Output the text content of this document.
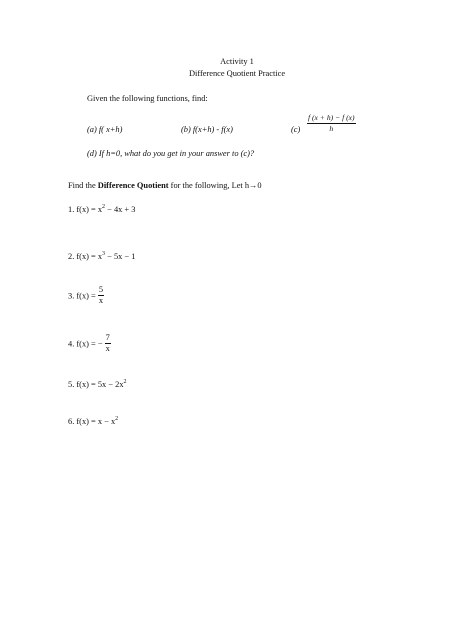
Activity 1
Difference Quotient Practice
Given the following functions, find:
(a) f( x+h)	(b) f(x+h) - f(x)	$(c) \frac{f (x + h) - f (x)}{h}$
(d) If h=0, what do you get in your answer to (c)?
Find the Difference Quotient for the following, Let h→0
1. $f(x) = x^2 - 4x + 3$
2. $f(x) = x^3 - 5x - 1$
3. $f(x) = \frac{5}{x}$
4. f(x) = − $\frac{7}{x}$
5. $f(x) = 5x - 2x^2$
6. $f(x) = x - x^2$
